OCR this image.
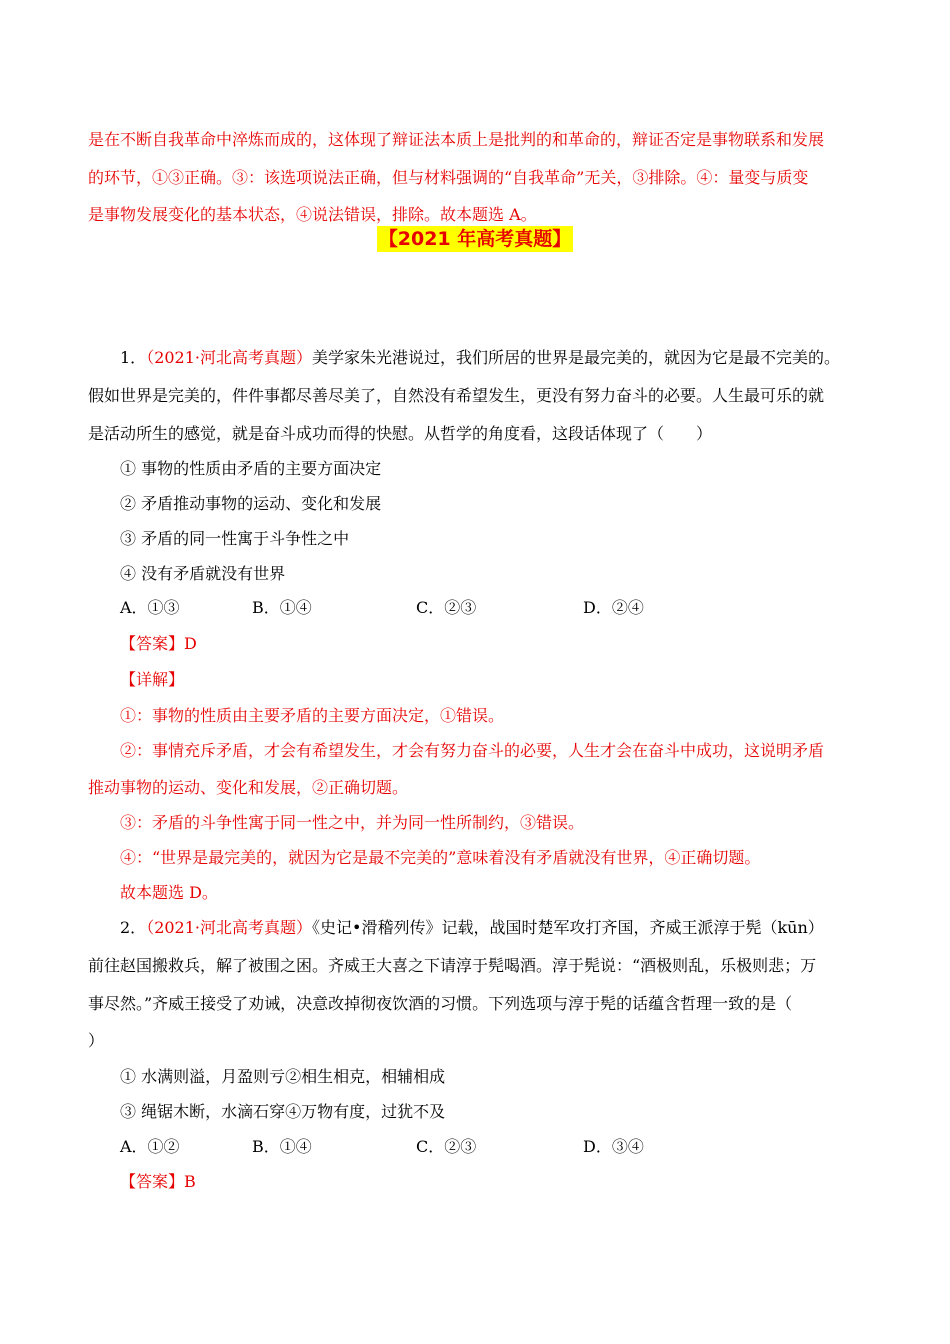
是在不断自我革命中淬炼而成的，这体现了辩证法本质上是批判的和革命的，辩证否定是事物联系和发展
的环节，①③正确。③：该选项说法正确，但与材料强调的“自我革命”无关，③排除。④：量变与质变
是事物发展变化的基本状态，④说法错误，排除。故本题选 A。
【2021 年高考真题】
1．（2021·河北高考真题）美学家朱光港说过，我们所居的世界是最完美的，就因为它是最不完美的。
假如世界是完美的，件件事都尽善尽美了，自然没有希望发生，更没有努力奋斗的必要。人生最可乐的就
是活动所生的感觉，就是奋斗成功而得的快慰。从哲学的角度看，这段话体现了（　　）
① 事物的性质由矛盾的主要方面决定
② 矛盾推动事物的运动、变化和发展
③ 矛盾的同一性寓于斗争性之中
④ 没有矛盾就没有世界
A．①③	B．①④	C．②③	D．②④
【答案】D
【详解】
①：事物的性质由主要矛盾的主要方面决定，①错误。
②：事情充斥矛盾，才会有希望发生，才会有努力奋斗的必要，人生才会在奋斗中成功，这说明矛盾
推动事物的运动、变化和发展，②正确切题。
③：矛盾的斗争性寓于同一性之中，并为同一性所制约，③错误。
④：“世界是最完美的，就因为它是最不完美的”意味着没有矛盾就没有世界，④正确切题。
故本题选 D。
2．（2021·河北高考真题）《史记•滑稽列传》记载，战国时楚军攻打齐国，齐威王派淳于髡（kūn）
前往赵国搬救兵，解了被围之困。齐威王大喜之下请淳于髡喝酒。淳于髡说：“酒极则乱，乐极则悲；万
事尽然。”齐威王接受了劝诫，决意改掉彻夜饮酒的习惯。下列选项与淳于髡的话蕴含哲理一致的是（
）
① 水满则溢，月盈则亏②相生相克，相辅相成
③ 绳锯木断，水滴石穿④万物有度，过犹不及
A．①②	B．①④	C．②③	D．③④
【答案】B
